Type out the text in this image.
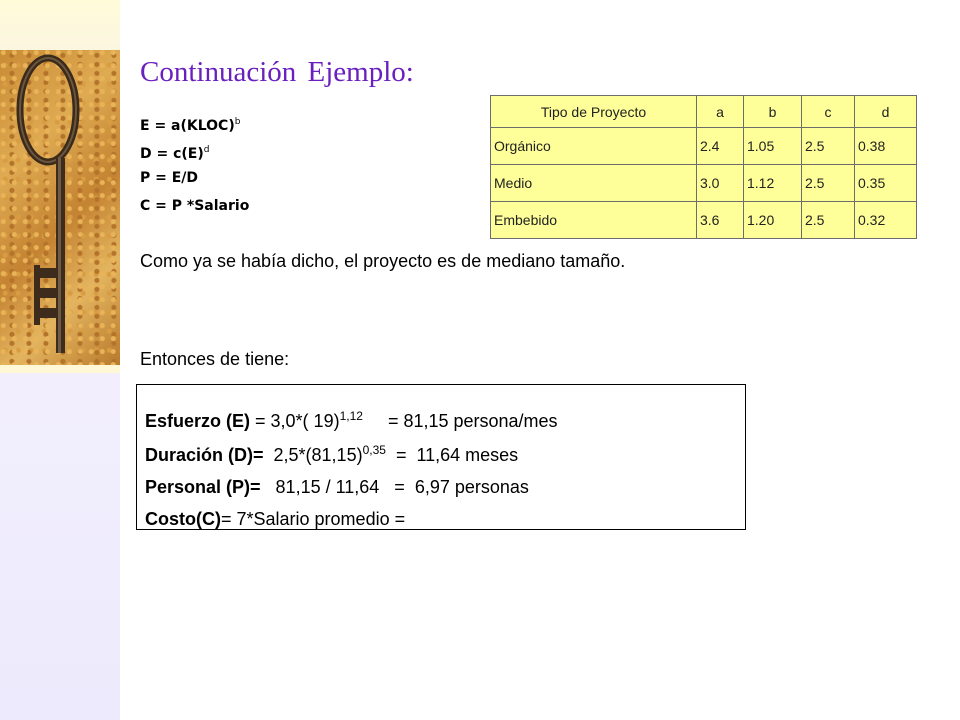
Continuación Ejemplo:
E = a(KLOC)$^b$
$D = c(E)^d$
P = E/D
C = P *Salario
Tipo de Proyecto	a	b	c	d
Orgánico	2.4	1.05	2.5	0.38
Medio	3.0	1.12	2.5	0.35
Embebido	3.6	1.20	2.5	0.32
Como ya se había dicho, el proyecto es de mediano tamaño.
Entonces de tiene:
Esfuerzo (E) = 3,0*( 19)$^{1,12}$     = 81,15 persona/mes
Duración $(D)= 2,5*(81,15)^{0,35} = 11,64$ meses
Personal (P)=   81,15 / 11,64   =  6,97 personas
Costo(C)= 7*Salario promedio =
